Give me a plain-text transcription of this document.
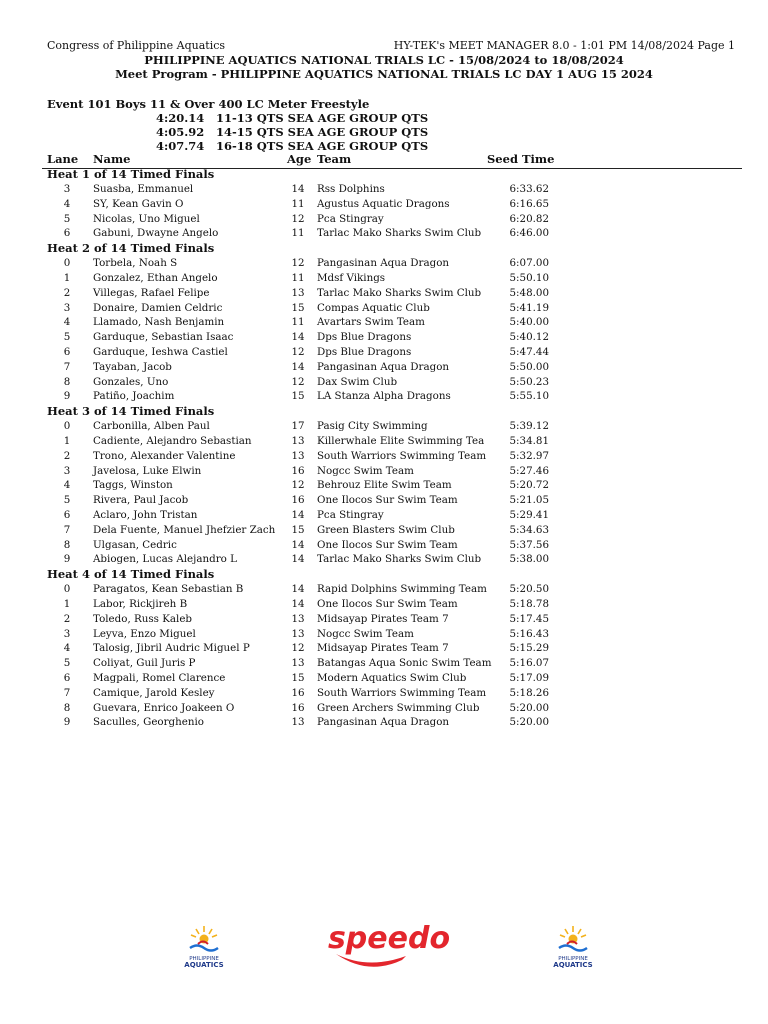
Congress of Philippine Aquatics	HY-TEK's MEET MANAGER 8.0 - 1:01 PM 14/08/2024 Page 1
PHILIPPINE AQUATICS NATIONAL TRIALS LC - 15/08/2024 to 18/08/2024
Meet Program - PHILIPPINE AQUATICS NATIONAL TRIALS LC DAY 1 AUG 15 2024
Event 101 Boys 11 & Over 400 LC Meter Freestyle
4:20.14 11-13 QTS SEA AGE GROUP QTS
4:05.92 14-15 QTS SEA AGE GROUP QTS
4:07.74 16-18 QTS SEA AGE GROUP QTS
Lane Name	Age Team	Seed Time
Heat 1 of 14 Timed Finals
3	Suasba, Emmanuel	14	Rss Dolphins	6:33.62
4	SY, Kean Gavin O	11	Agustus Aquatic Dragons	6:16.65
5	Nicolas, Uno Miguel	12	Pca Stingray	6:20.82
6	Gabuni, Dwayne Angelo	11	Tarlac Mako Sharks Swim Club	6:46.00
Heat 2 of 14 Timed Finals
0	Torbela, Noah S	12	Pangasinan Aqua Dragon	6:07.00
1	Gonzalez, Ethan Angelo	11	Mdsf Vikings	5:50.10
2	Villegas, Rafael Felipe	13	Tarlac Mako Sharks Swim Club	5:48.00
3	Donaire, Damien Celdric	15	Compas Aquatic Club	5:41.19
4	Llamado, Nash Benjamin	11	Avartars Swim Team	5:40.00
5	Garduque, Sebastian Isaac	14	Dps Blue Dragons	5:40.12
6	Garduque, Ieshwa Castiel	12	Dps Blue Dragons	5:47.44
7	Tayaban, Jacob	14	Pangasinan Aqua Dragon	5:50.00
8	Gonzales, Uno	12	Dax Swim Club	5:50.23
9	Patiño, Joachim	15	LA Stanza Alpha Dragons	5:55.10
Heat 3 of 14 Timed Finals
0	Carbonilla, Alben Paul	17	Pasig City Swimming	5:39.12
1	Cadiente, Alejandro Sebastian	13	Killerwhale Elite Swimming Tea	5:34.81
2	Trono, Alexander Valentine	13	South Warriors Swimming Team	5:32.97
3	Javelosa, Luke Elwin	16	Nogcc Swim Team	5:27.46
4	Taggs, Winston	12	Behrouz Elite Swim Team	5:20.72
5	Rivera, Paul Jacob	16	One Ilocos Sur Swim Team	5:21.05
6	Aclaro, John Tristan	14	Pca Stingray	5:29.41
7	Dela Fuente, Manuel Jhefzier Zach	15	Green Blasters Swim Club	5:34.63
8	Ulgasan, Cedric	14	One Ilocos Sur Swim Team	5:37.56
9	Abiogen, Lucas Alejandro L	14	Tarlac Mako Sharks Swim Club	5:38.00
Heat 4 of 14 Timed Finals
0	Paragatos, Kean Sebastian B	14	Rapid Dolphins Swimming Team	5:20.50
1	Labor, Rickjireh B	14	One Ilocos Sur Swim Team	5:18.78
2	Toledo, Russ Kaleb	13	Midsayap Pirates Team 7	5:17.45
3	Leyva, Enzo Miguel	13	Nogcc Swim Team	5:16.43
4	Talosig, Jibril Audric Miguel P	12	Midsayap Pirates Team 7	5:15.29
5	Coliyat, Guil Juris P	13	Batangas Aqua Sonic Swim Team	5:16.07
6	Magpali, Romel Clarence	15	Modern Aquatics Swim Club	5:17.09
7	Camique, Jarold Kesley	16	South Warriors Swimming Team	5:18.26
8	Guevara, Enrico Joakeen O	16	Green Archers Swimming Club	5:20.00
9	Saculles, Georghenio	13	Pangasinan Aqua Dragon	5:20.00
PHILIPPINE
AQUATICS
speedo
PHILIPPINE
AQUATICS
